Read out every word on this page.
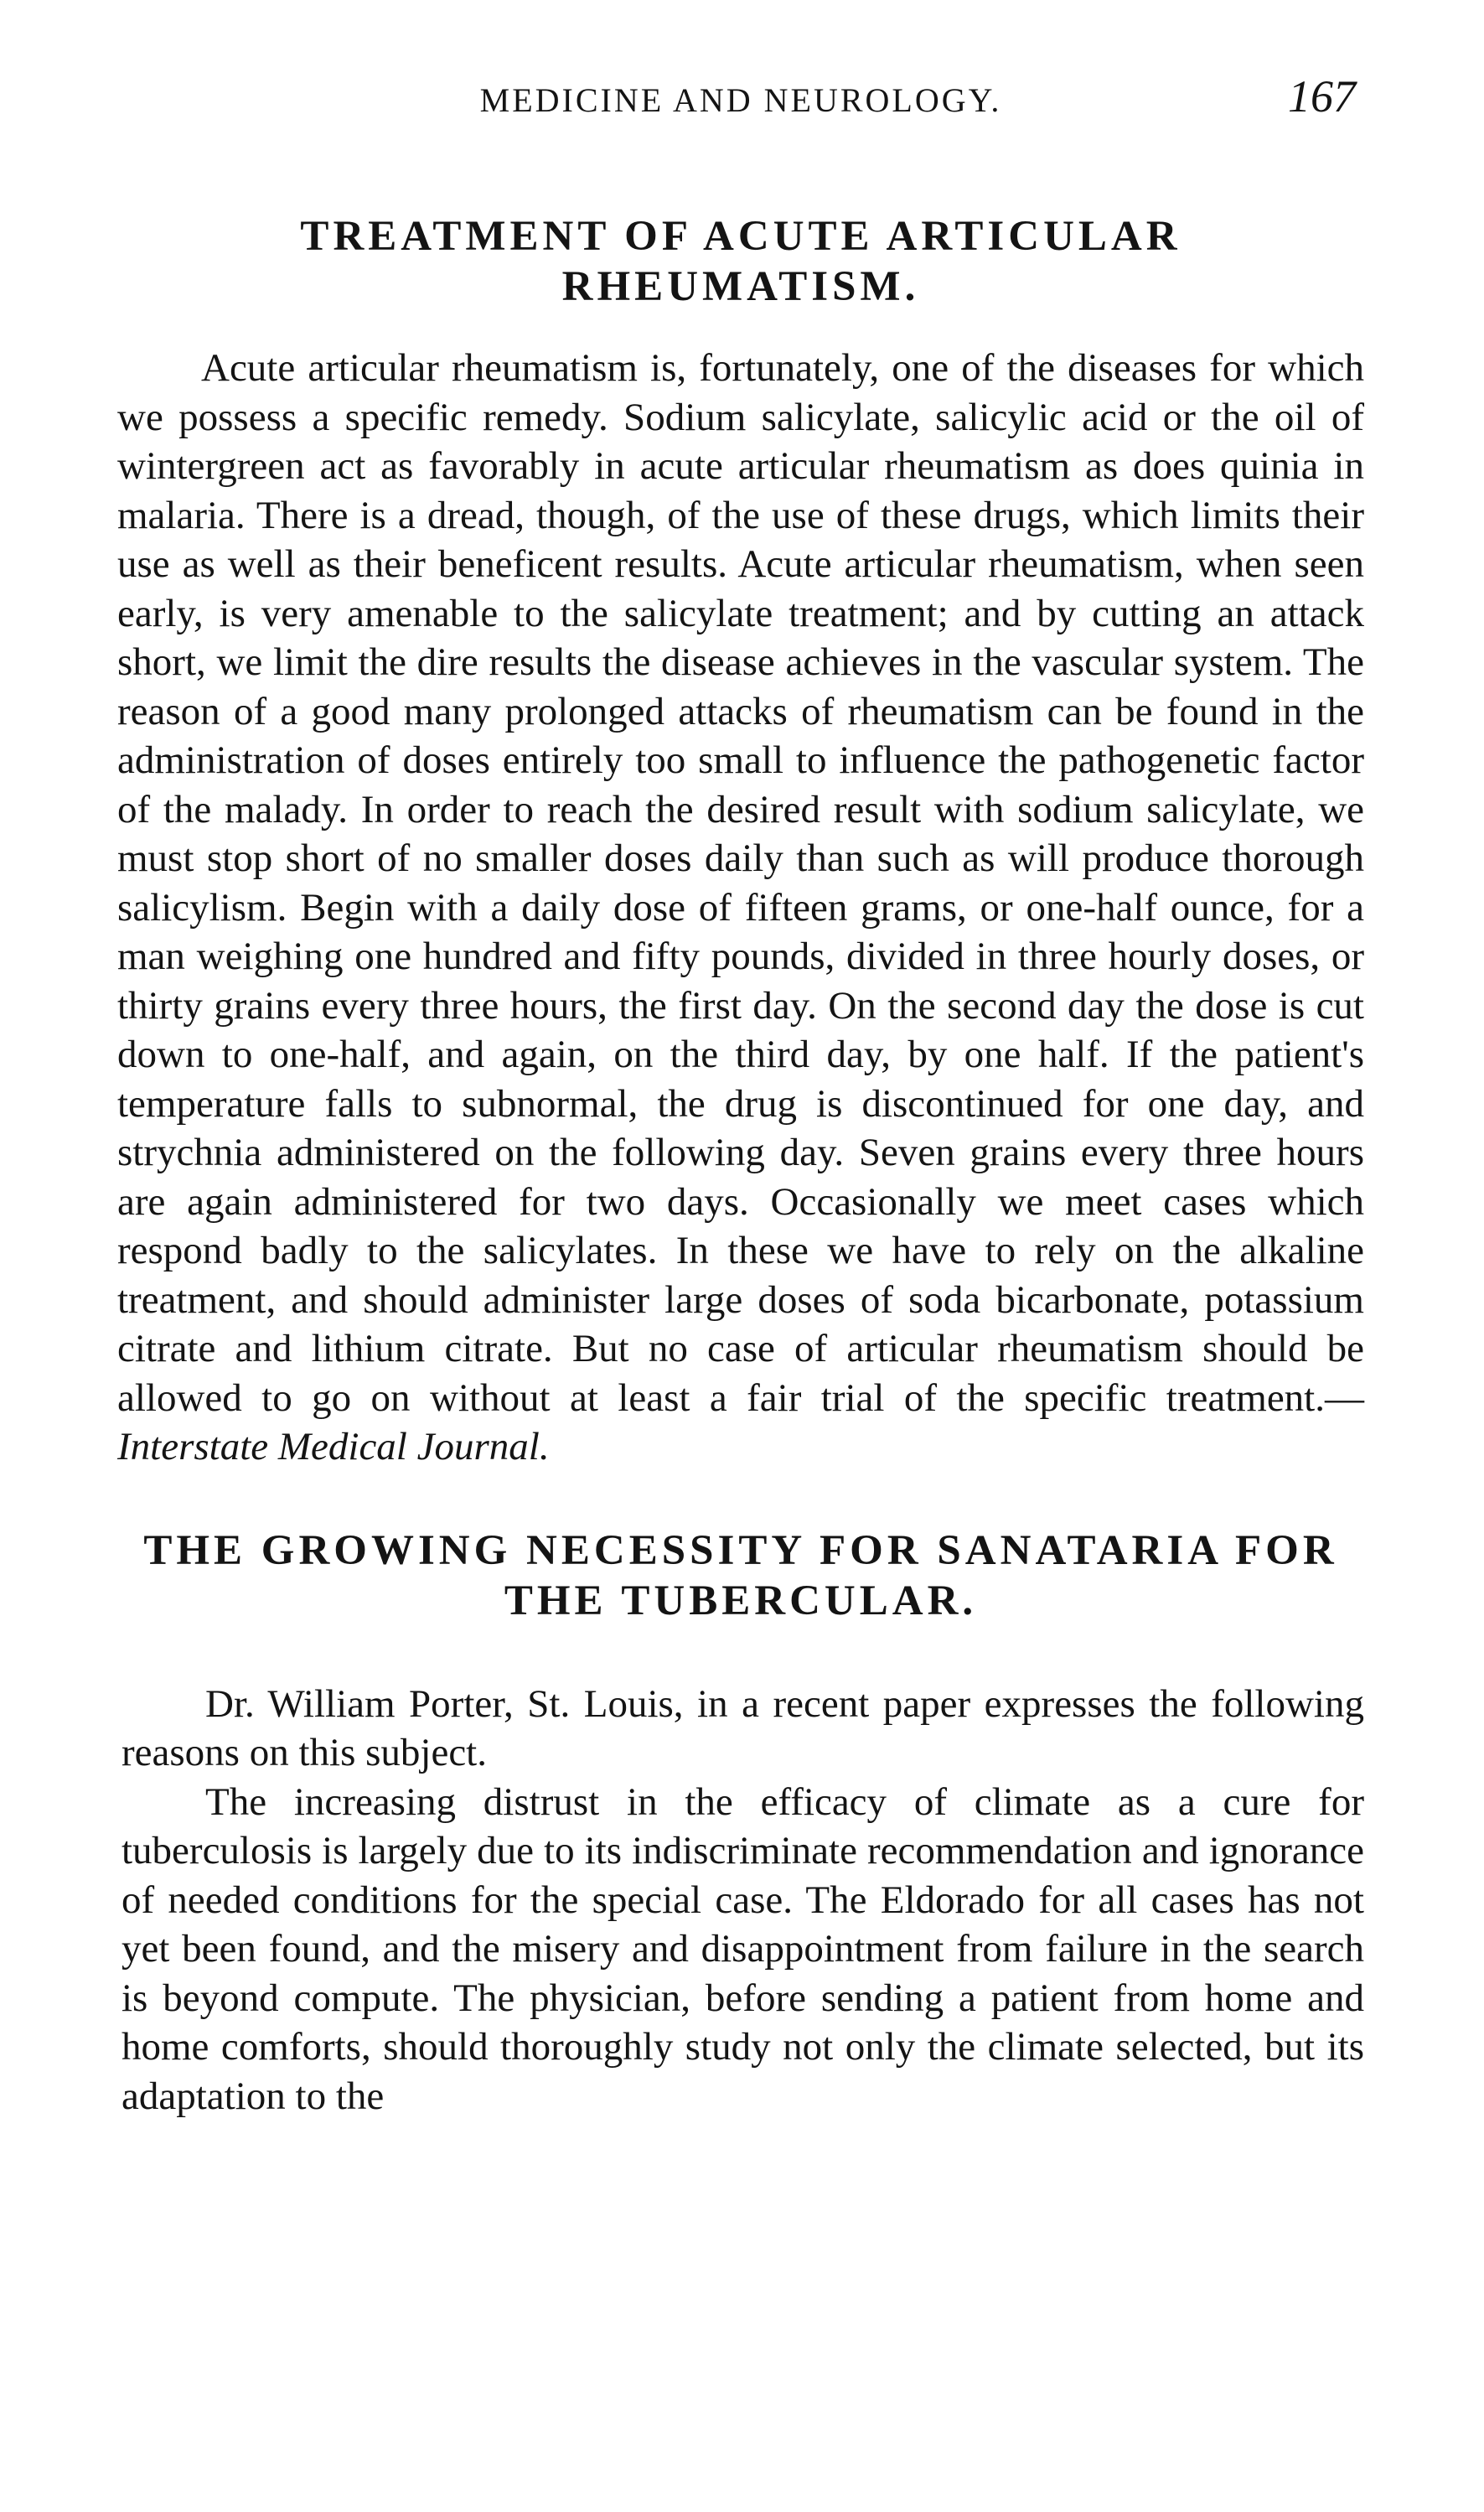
MEDICINE AND NEUROLOGY.	167
TREATMENT OF ACUTE ARTICULAR RHEUMATISM.

Acute articular rheumatism is, fortunately, one of the diseases for which we possess a specific remedy. Sodium salicylate, salicylic acid or the oil of wintergreen act as favorably in acute articular rheumatism as does quinia in malaria. There is a dread, though, of the use of these drugs, which limits their use as well as their beneficent results. Acute articular rheumatism, when seen early, is very amenable to the salicylate treatment; and by cutting an attack short, we limit the dire results the disease achieves in the vascular system. The reason of a good many prolonged attacks of rheumatism can be found in the administration of doses entirely too small to influence the pathogenetic factor of the malady. In order to reach the desired result with sodium salicylate, we must stop short of no smaller doses daily than such as will produce thorough salicylism. Begin with a daily dose of fifteen grams, or one-half ounce, for a man weighing one hundred and fifty pounds, divided in three hourly doses, or thirty grains every three hours, the first day. On the second day the dose is cut down to one-half, and again, on the third day, by one half. If the patient's temperature falls to subnormal, the drug is discontinued for one day, and strychnia administered on the following day. Seven grains every three hours are again administered for two days. Occasionally we meet cases which respond badly to the salicylates. In these we have to rely on the alkaline treatment, and should administer large doses of soda bicarbonate, potassium citrate and lithium citrate. But no case of articular rheumatism should be allowed to go on without at least a fair trial of the specific treatment.—Interstate Medical Journal.

THE GROWING NECESSITY FOR SANATARIA FOR THE TUBERCULAR.

Dr. William Porter, St. Louis, in a recent paper expresses the following reasons on this subject.

The increasing distrust in the efficacy of climate as a cure for tuberculosis is largely due to its indiscriminate recommendation and ignorance of needed conditions for the special case. The Eldorado for all cases has not yet been found, and the misery and disappointment from failure in the search is beyond compute. The physician, before sending a patient from home and home comforts, should thoroughly study not only the climate selected, but its adaptation to the
